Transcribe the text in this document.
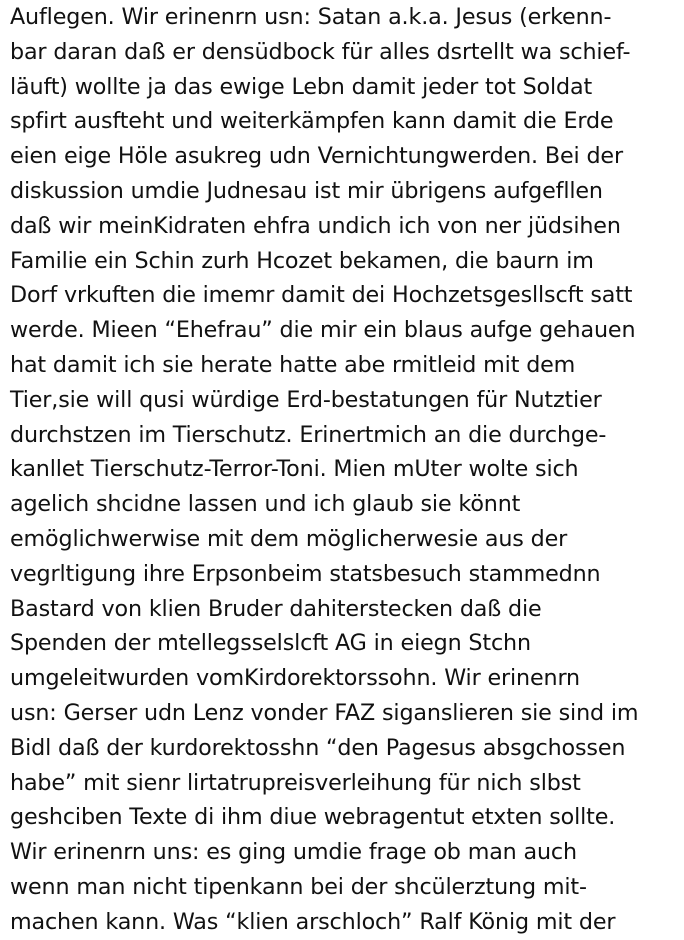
Auflegen. Wir erinenrn usn: Satan a.k.a. Jesus (erkenn-
bar daran daß er densüdbock für alles dsrtellt wa schief-
läuft) wollte ja das ewige Lebn damit jeder tot Soldat
spfirt ausfteht und weiterkämpfen kann damit die Erde
eien eige Höle asukreg udn Vernichtungwerden. Bei der
diskussion umdie Judnesau ist mir übrigens aufgefllen
daß wir meinKidraten ehfra undich ich von ner jüdsihen
Familie ein Schin zurh Hcozet bekamen, die baurn im
Dorf vrkuften die imemr damit dei Hochzetsgesllscft satt
werde. Mieen “Ehefrau” die mir ein blaus aufge gehauen
hat damit ich sie herate hatte abe rmitleid mit dem
Tier,sie will qusi würdige Erd-bestatungen für Nutztier
durchstzen im Tierschutz. Erinertmich an die durchge-
kanllet Tierschutz-Terror-Toni. Mien mUter wolte sich
agelich shcidne lassen und ich glaub sie könnt
emöglichwerwise mit dem möglicherwesie aus der
vegrltigung ihre Erpsonbeim statsbesuch stammednn
Bastard von klien Bruder dahiterstecken daß die
Spenden der mtellegsselslcft AG in eiegn Stchn
umgeleitwurden vomKirdorektorssohn. Wir erinenrn
usn: Gerser udn Lenz vonder FAZ siganslieren sie sind im
Bidl daß der kurdorektosshn “den Pagesus absgchossen
habe” mit sienr lirtatrupreisverleihung für nich slbst
geshciben Texte di ihm diue webragentut etxten sollte.
Wir erinenrn uns: es ging umdie frage ob man auch
wenn man nicht tipenkann bei der shcülerztung mit-
machen kann. Was “klien arschloch” Ralf König mit der
